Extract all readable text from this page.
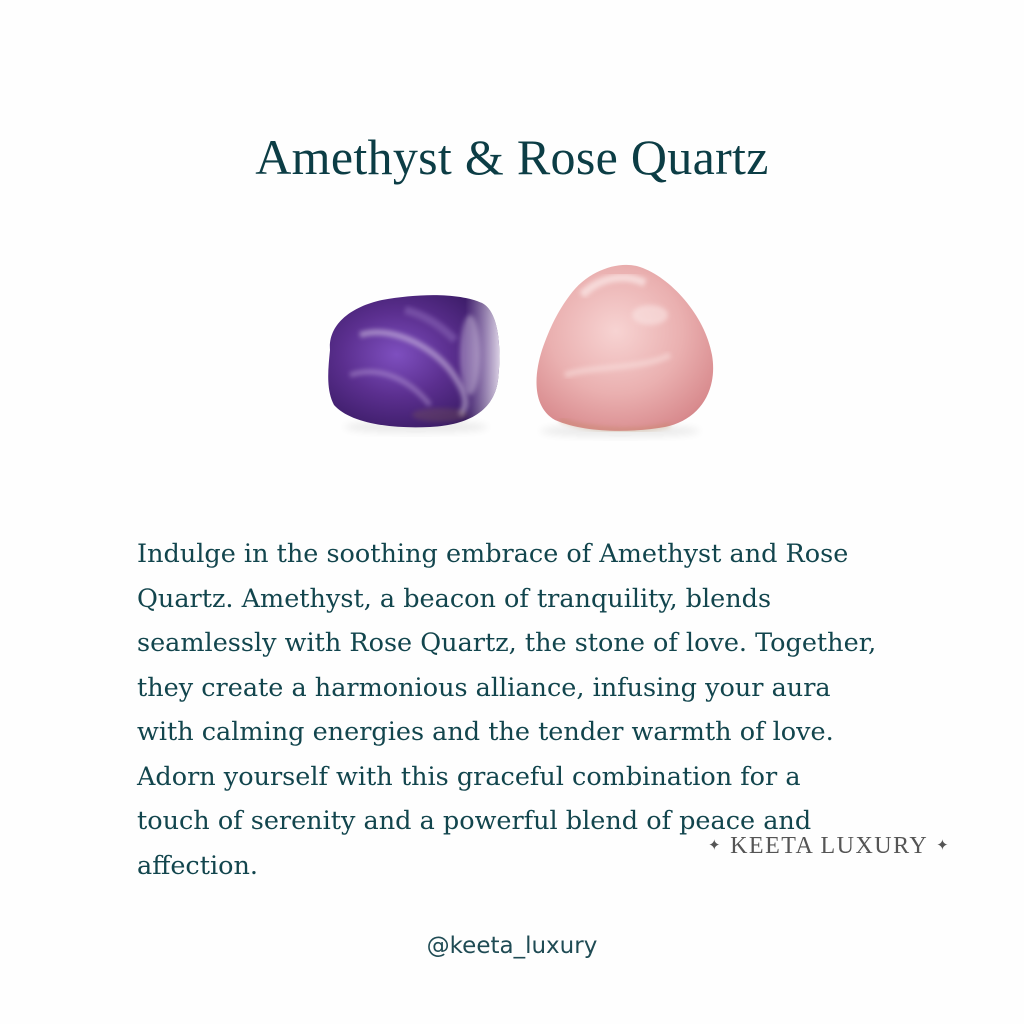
Amethyst & Rose Quartz

Indulge in the soothing embrace of Amethyst and Rose
Quartz. Amethyst, a beacon of tranquility, blends
seamlessly with Rose Quartz, the stone of love. Together,
they create a harmonious alliance, infusing your aura
with calming energies and the tender warmth of love.
Adorn yourself with this graceful combination for a
touch of serenity and a powerful blend of peace and
affection.

✦ KEETA LUXURY ✦
@keeta_luxury
